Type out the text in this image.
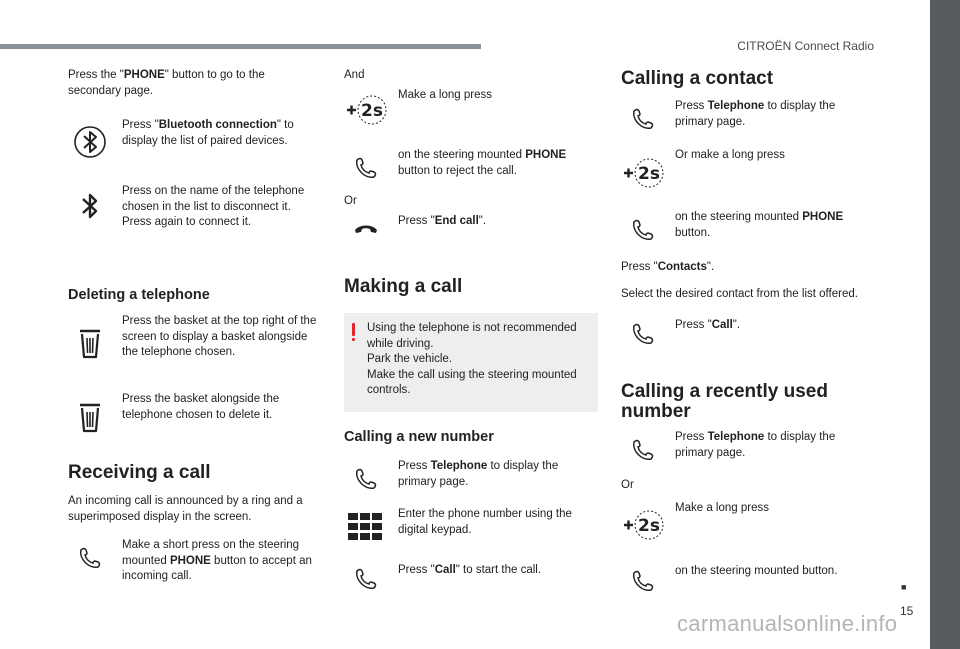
CITROËN Connect Radio

Press the "PHONE" button to go to the secondary page.

Press "Bluetooth connection" to display the list of paired devices.

Press on the name of the telephone chosen in the list to disconnect it. Press again to connect it.

Deleting a telephone

Press the basket at the top right of the screen to display a basket alongside the telephone chosen.

Press the basket alongside the telephone chosen to delete it.

Receiving a call

An incoming call is announced by a ring and a superimposed display in the screen.

Make a short press on the steering mounted PHONE button to accept an incoming call.

And

2s

Make a long press

on the steering mounted PHONE button to reject the call.

Or

Press "End call".

Making a call

Using the telephone is not recommended while driving.

Park the vehicle.

Make the call using the steering mounted controls.

Calling a new number

Press Telephone to display the primary page.

Enter the phone number using the digital keypad.

Press "Call" to start the call.

Calling a contact

Press Telephone to display the primary page.

2s

Or make a long press

on the steering mounted PHONE button.

Press "Contacts".

Select the desired contact from the list offered.

Press "Call".

Calling a recently used
number

Press Telephone to display the primary page.

Or

2s

Make a long press

on the steering mounted button.

■
15
carmanualsonline.info
